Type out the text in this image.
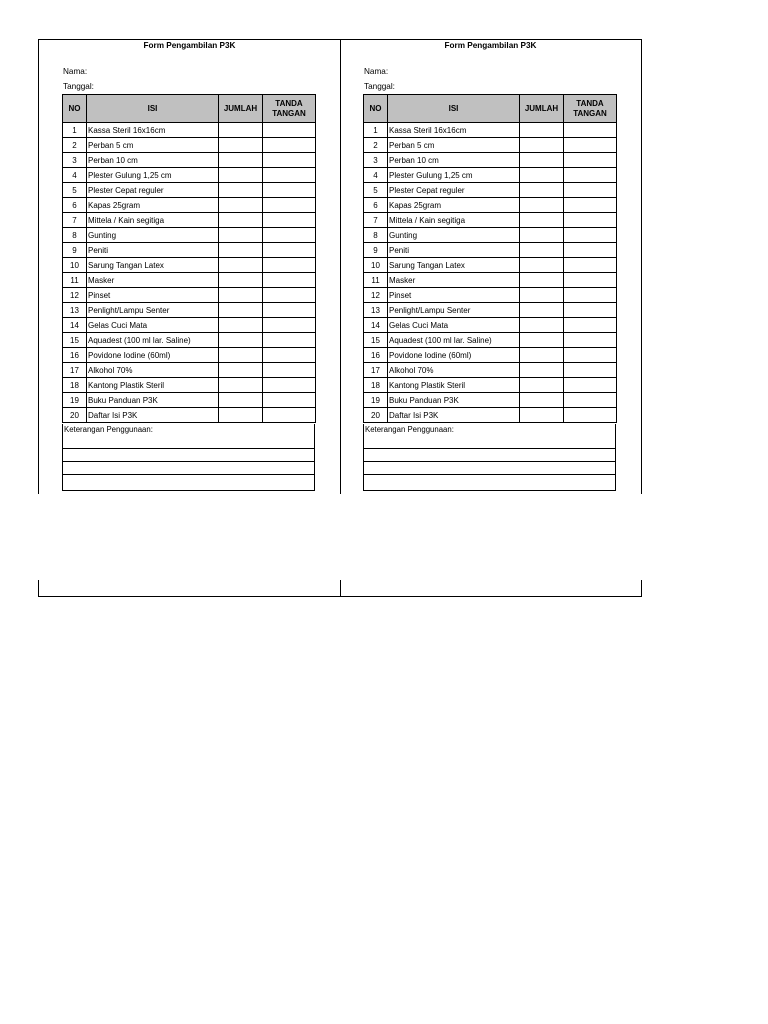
Form Pengambilan P3K
Nama:
Tanggal:
NO	ISI	JUMLAH	TANDA
TANGAN
1	Kassa Steril 16x16cm		
2	Perban 5 cm		
3	Perban 10 cm		
4	Plester Gulung 1,25 cm		
5	Plester Cepat reguler		
6	Kapas 25gram		
7	Mittela / Kain segitiga		
8	Gunting		
9	Peniti		
10	Sarung Tangan Latex		
11	Masker		
12	Pinset		
13	Penlight/Lampu Senter		
14	Gelas Cuci Mata		
15	Aquadest (100 ml lar. Saline)		
16	Povidone Iodine (60ml)		
17	Alkohol 70%		
18	Kantong Plastik Steril		
19	Buku Panduan P3K		
20	Daftar Isi P3K		
Keterangan Penggunaan:
Form Pengambilan P3K
Nama:
Tanggal:
NO	ISI	JUMLAH	TANDA
TANGAN
1	Kassa Steril 16x16cm		
2	Perban 5 cm		
3	Perban 10 cm		
4	Plester Gulung 1,25 cm		
5	Plester Cepat reguler		
6	Kapas 25gram		
7	Mittela / Kain segitiga		
8	Gunting		
9	Peniti		
10	Sarung Tangan Latex		
11	Masker		
12	Pinset		
13	Penlight/Lampu Senter		
14	Gelas Cuci Mata		
15	Aquadest (100 ml lar. Saline)		
16	Povidone Iodine (60ml)		
17	Alkohol 70%		
18	Kantong Plastik Steril		
19	Buku Panduan P3K		
20	Daftar Isi P3K		
Keterangan Penggunaan:
